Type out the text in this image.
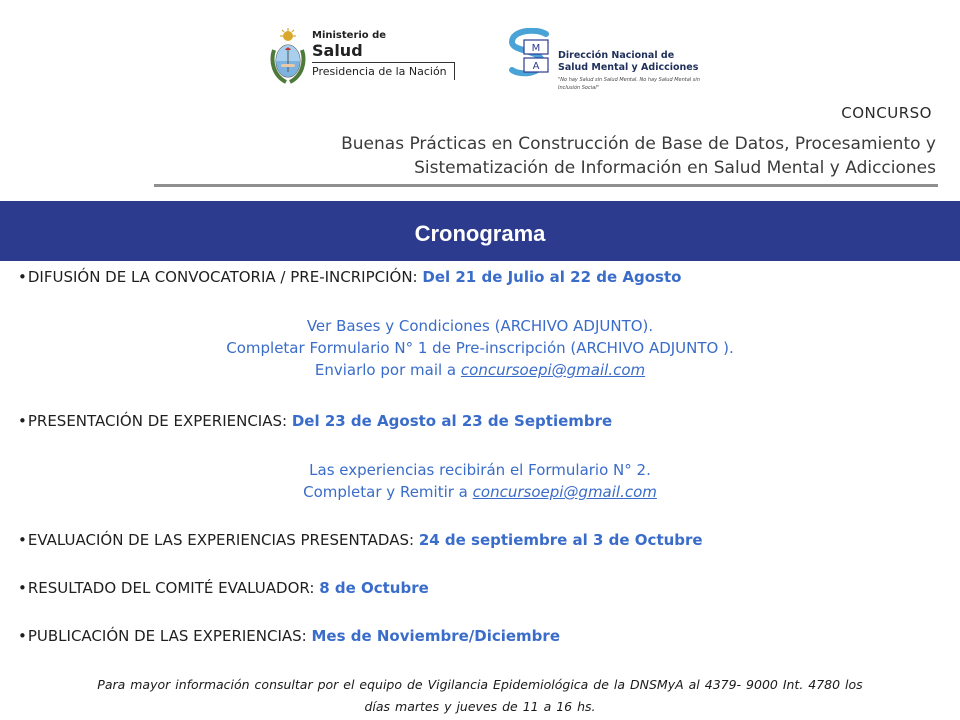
Ministerio de
Salud
Presidencia de la Nación
M
A
Dirección Nacional de
Salud Mental y Adicciones
"No hay Salud sin Salud Mental. No hay Salud Mental sin Inclusión Social"
CONCURSO
Buenas Prácticas en Construcción de Base de Datos, Procesamiento y
Sistematización de Información en Salud Mental y Adicciones
Cronograma
•DIFUSIÓN DE LA CONVOCATORIA / PRE-INCRIPCIÓN: Del 21 de Julio al 22 de Agosto
Ver Bases y Condiciones (ARCHIVO ADJUNTO).
Completar Formulario N° 1 de Pre-inscripción (ARCHIVO ADJUNTO ).
Enviarlo por mail a concursoepi@gmail.com
•PRESENTACIÓN DE EXPERIENCIAS: Del 23 de Agosto al 23 de Septiembre
Las experiencias recibirán el Formulario N° 2.
Completar y Remitir a concursoepi@gmail.com
•EVALUACIÓN DE LAS EXPERIENCIAS PRESENTADAS: 24 de septiembre al 3 de Octubre
•RESULTADO DEL COMITÉ EVALUADOR: 8 de Octubre
•PUBLICACIÓN DE LAS EXPERIENCIAS: Mes de Noviembre/Diciembre
Para mayor información consultar por el equipo de Vigilancia Epidemiológica de la DNSMyA al 4379- 9000 Int. 4780 los
días martes y jueves de 11 a 16 hs.
